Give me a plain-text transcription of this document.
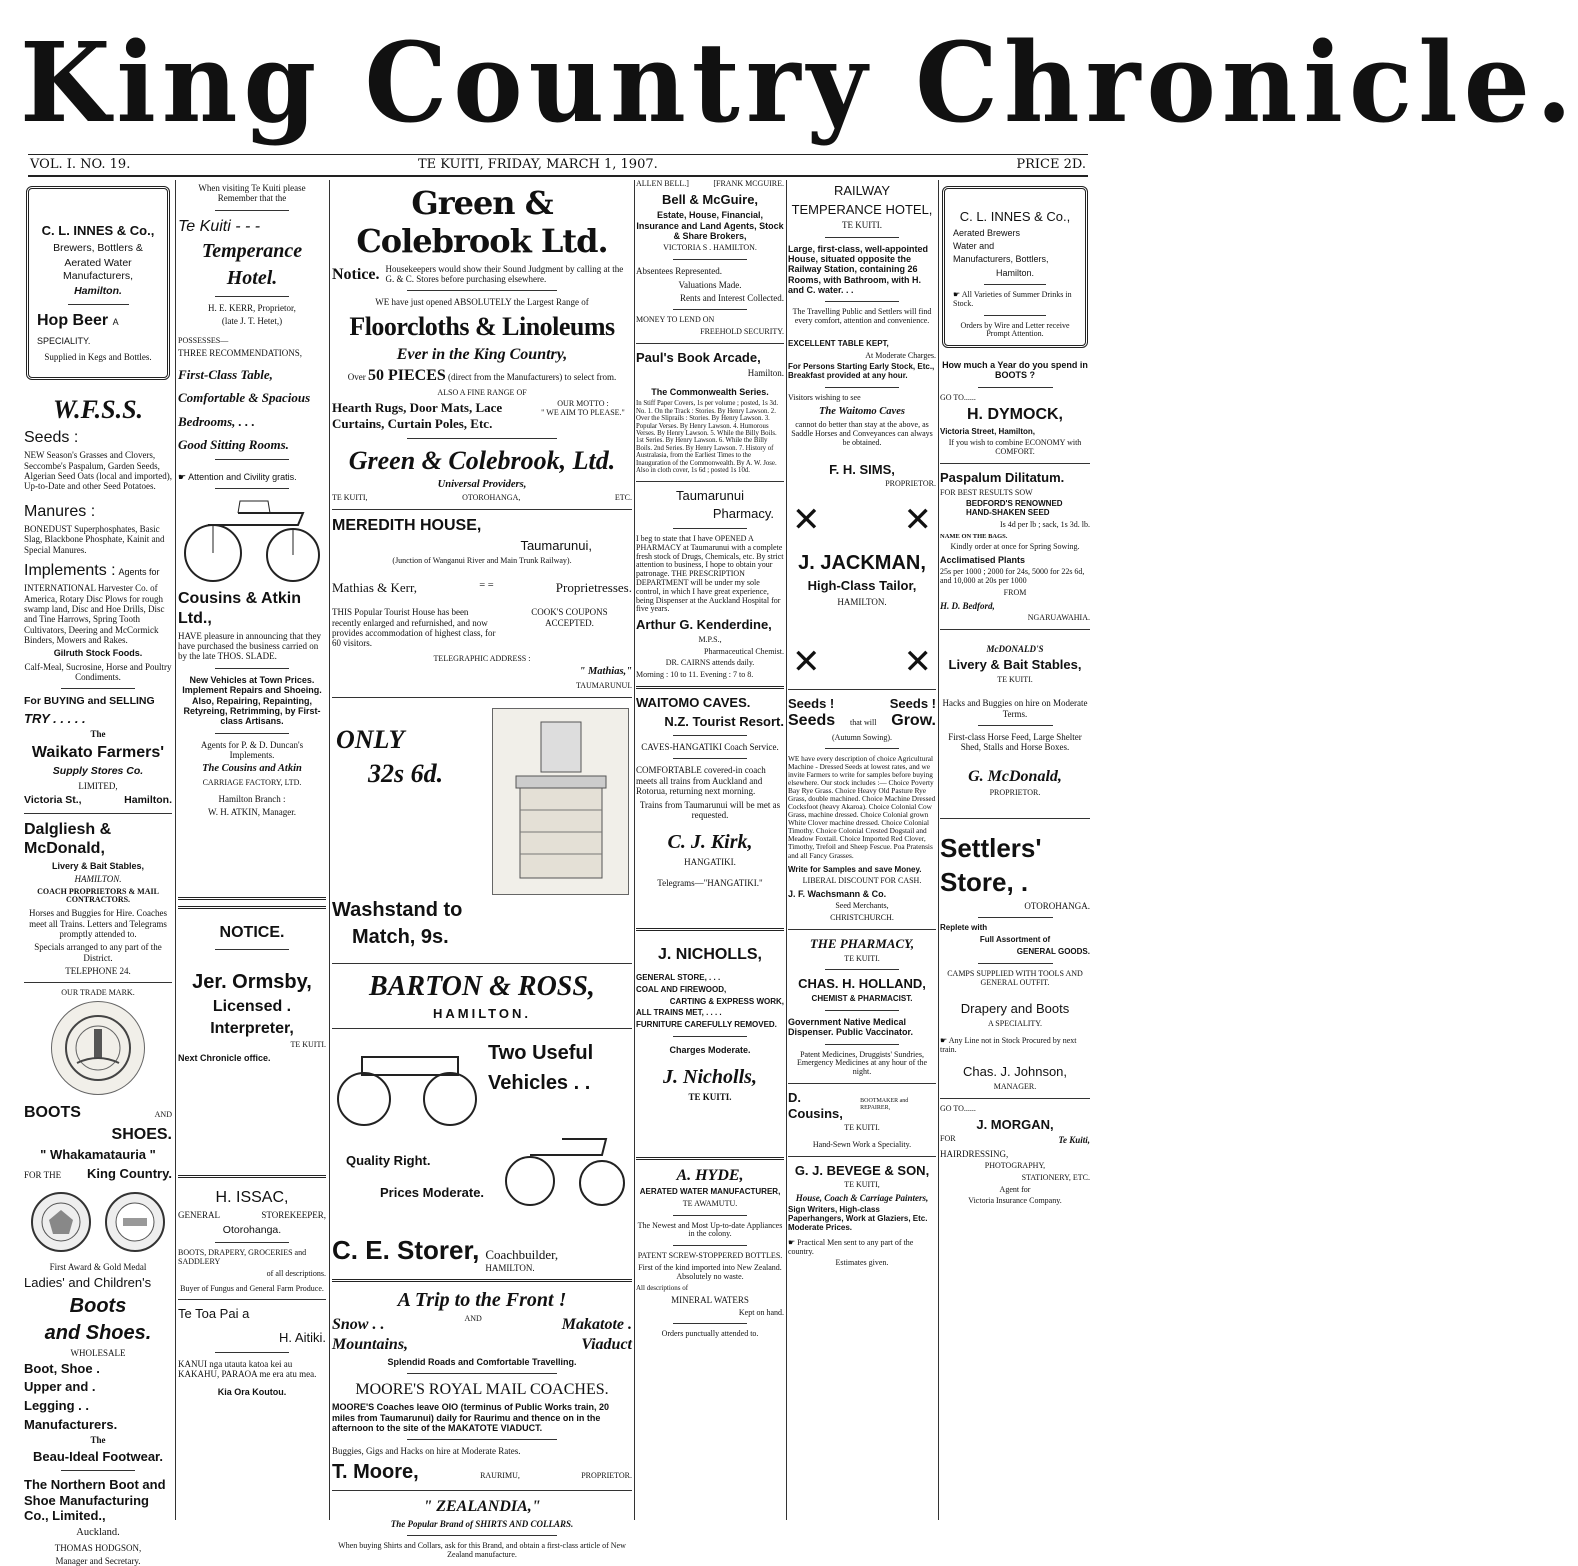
King Country Chronicle.
VOL. I. NO. 19.	TE KUITI, FRIDAY, MARCH 1, 1907.	PRICE 2D.

C. L. INNES & Co.,

Brewers, Bottlers &

Aerated Water Manufacturers,

Hamilton.

Hop Beer A SPECIALITY.

Supplied in Kegs and Bottles.

W.F.S.S.

Seeds :

NEW Season's Grasses and Clovers, Seccombe's Paspalum, Garden Seeds, Algerian Seed Oats (local and imported), Up-to-Date and other Seed Potatoes.

Manures :

BONEDUST Superphosphates, Basic Slag, Blackbone Phosphate, Kainit and Special Manures.

Implements : Agents for

INTERNATIONAL Harvester Co. of America, Rotary Disc Plows for rough swamp land, Disc and Hoe Drills, Disc and Tine Harrows, Spring Tooth Cultivators, Deering and McCormick Binders, Mowers and Rakes.

Gilruth Stock Foods.

Calf-Meal, Sucrosine, Horse and Poultry Condiments.

For BUYING and SELLING

TRY . . . . .

The

Waikato Farmers'

Supply Stores Co.

LIMITED,

Victoria St.,	Hamilton.

Dalgliesh & McDonald,

Livery & Bait Stables,

HAMILTON.

COACH PROPRIETORS & MAIL CONTRACTORS.

Horses and Buggies for Hire. Coaches meet all Trains. Letters and Telegrams promptly attended to.

Specials arranged to any part of the District.

TELEPHONE 24.

OUR TRADE MARK.

BOOTS	AND

SHOES.

" Whakamatauria "

FOR THE King Country.

First Award & Gold Medal

Ladies' and Children's

Boots

and Shoes.

WHOLESALE

Boot, Shoe .

Upper and .

Legging . .

Manufacturers.

The

Beau-Ideal Footwear.

The Northern Boot and Shoe Manufacturing Co., Limited.,

Auckland.

THOMAS HODGSON,

Manager and Secretary.

When visiting Te Kuiti please Remember that the

Te Kuiti - - -

Temperance

Hotel.

H. E. KERR, Proprietor,

(late J. T. Hetet,)

POSSESSES—

THREE RECOMMENDATIONS,

First-Class Table,

Comfortable & Spacious

Bedrooms, . . .

Good Sitting Rooms.

☛ Attention and Civility gratis.

Cousins & Atkin Ltd.,

HAVE pleasure in announcing that they have purchased the business carried on by the late THOS. SLADE.

New Vehicles at Town Prices. Implement Repairs and Shoeing. Also, Repairing, Repainting, Retyreing, Retrimming, by First-class Artisans.

Agents for P. & D. Duncan's Implements.

The Cousins and Atkin

CARRIAGE FACTORY, LTD.

Hamilton Branch :

W. H. ATKIN, Manager.

NOTICE.

Jer. Ormsby,

Licensed .

Interpreter,

TE KUITI.

Next Chronicle office.

H. ISSAC,

GENERAL	STOREKEEPER,

Otorohanga.

BOOTS, DRAPERY, GROCERIES and SADDLERY

of all descriptions.

Buyer of Fungus and General Farm Produce.

Te Toa Pai a

H. Aitiki.

KANUI nga utauta katoa kei au KAKAHU, PARAOA me era atu mea.

Kia Ora Koutou.

Green & Colebrook Ltd.

Notice. Housekeepers would show their Sound Judgment by calling at the G. & C. Stores before purchasing elsewhere.

WE have just opened ABSOLUTELY the Largest Range of

Floorcloths & Linoleums

Ever in the King Country,

Over 50 PIECES (direct from the Manufacturers) to select from.

ALSO A FINE RANGE OF

Hearth Rugs, Door Mats, Lace Curtains, Curtain Poles, Etc.
OUR MOTTO :
" WE AIM TO PLEASE."

Green & Colebrook, Ltd.

Universal Providers,

TE KUITI,	OTOROHANGA,	ETC.

MEREDITH HOUSE,

Taumarunui,

(Junction of Wanganui River and Main Trunk Railway).

Mathias & Kerr,	= =	Proprietresses.
THIS Popular Tourist House has been recently enlarged and refurnished, and now provides accommodation of highest class, for 60 visitors.
COOK'S COUPONS ACCEPTED.

TELEGRAPHIC ADDRESS :

" Mathias,"

TAUMARUNUI.

ONLY

32s 6d.

Washstand to

Match, 9s.

BARTON & ROSS,

HAMILTON.

Two Useful

Vehicles . .

Quality Right.

Prices Moderate.

C. E. Storer, Coachbuilder,
HAMILTON.

A Trip to the Front !

Snow . .	AND	Makatote .
Mountains,	Viaduct

Splendid Roads and Comfortable Travelling.

MOORE'S ROYAL MAIL COACHES.

MOORE'S Coaches leave OIO (terminus of Public Works train, 20 miles from Taumarunui) daily for Raurimu and thence on in the afternoon to the site of the MAKATOTE VIADUCT.

Buggies, Gigs and Hacks on hire at Moderate Rates.

T. Moore,	RAURIMU,	PROPRIETOR.

" ZEALANDIA,"

The Popular Brand of SHIRTS AND COLLARS.

When buying Shirts and Collars, ask for this Brand, and obtain a first-class article of New Zealand manufacture.

ALLEN BELL.]	[FRANK MCGUIRE.

Bell & McGuire,

Estate, House, Financial, Insurance and Land Agents, Stock & Share Brokers,

VICTORIA S . HAMILTON.

Absentees Represented.

Valuations Made.

Rents and Interest Collected.

MONEY TO LEND ON

FREEHOLD SECURITY.

Paul's Book Arcade,

Hamilton.

The Commonwealth Series.

In Stiff Paper Covers, 1s per volume ; posted, 1s 3d. No. 1. On the Track : Stories. By Henry Lawson. 2. Over the Sliprails : Stories. By Henry Lawson. 3. Popular Verses. By Henry Lawson. 4. Humorous Verses. By Henry Lawson. 5. While the Billy Boils. 1st Series. By Henry Lawson. 6. While the Billy Boils. 2nd Series. By Henry Lawson. 7. History of Australasia, from the Earliest Times to the Inauguration of the Commonwealth. By A. W. Jose. Also in cloth cover, 1s 6d ; posted 1s 10d.

Taumarunui

Pharmacy.

I beg to state that I have OPENED A PHARMACY at Taumarunui with a complete fresh stock of Drugs, Chemicals, etc. By strict attention to business, I hope to obtain your patronage. THE PRESCRIPTION DEPARTMENT will be under my sole control, in which I have great experience, being Dispenser at the Auckland Hospital for five years.

Arthur G. Kenderdine,

M.P.S.,

Pharmaceutical Chemist.

DR. CAIRNS attends daily.

Morning : 10 to 11. Evening : 7 to 8.

WAITOMO CAVES.

N.Z. Tourist Resort.

CAVES-HANGATIKI Coach Service.

COMFORTABLE covered-in coach meets all trains from Auckland and Rotorua, returning next morning.

Trains from Taumarunui will be met as requested.

C. J. Kirk,

HANGATIKI.

Telegrams—"HANGATIKI."

J. NICHOLLS,

GENERAL STORE, . . .

COAL AND FIREWOOD,

CARTING & EXPRESS WORK,

ALL TRAINS MET, . . . .

FURNITURE CAREFULLY REMOVED.

Charges Moderate.

J. Nicholls,

TE KUITI.

A. HYDE,

AERATED WATER MANUFACTURER,

TE AWAMUTU.

The Newest and Most Up-to-date Appliances in the colony.

PATENT SCREW-STOPPERED BOTTLES.

First of the kind imported into New Zealand. Absolutely no waste.

All descriptions of

MINERAL WATERS

Kept on hand.

Orders punctually attended to.

RAILWAY

TEMPERANCE HOTEL,

TE KUITI.

Large, first-class, well-appointed House, situated opposite the Railway Station, containing 26 Rooms, with Bathroom, with H. and C. water. . .

The Travelling Public and Settlers will find every comfort, attention and convenience.

EXCELLENT TABLE KEPT,

At Moderate Charges.

For Persons Starting Early Stock, Etc., Breakfast provided at any hour.

Visitors wishing to see

The Waitomo Caves

cannot do better than stay at the above, as Saddle Horses and Conveyances can always be obtained.

F. H. SIMS,

PROPRIETOR.

✕ ✕

J. JACKMAN,

High-Class Tailor,

HAMILTON.

✕ ✕
Seeds !	Seeds !
Seeds that will Grow.

(Autumn Sowing).

WE have every description of choice Agricultural Machine - Dressed Seeds at lowest rates, and we invite Farmers to write for samples before buying elsewhere. Our stock includes :— Choice Poverty Bay Rye Grass. Choice Heavy Old Pasture Rye Grass, double machined. Choice Machine Dressed Cocksfoot (heavy Akaroa). Choice Colonial Cow Grass, machine dressed. Choice Colonial grown White Clover machine dressed. Choice Colonial Timothy. Choice Colonial Crested Dogstail and Meadow Foxtail. Choice Imported Red Clover, Timothy, Trefoil and Sheep Fescue. Poa Pratensis and all Fancy Grasses.

Write for Samples and save Money.

LIBERAL DISCOUNT FOR CASH.

J. F. Wachsmann & Co.

Seed Merchants,

CHRISTCHURCH.

THE PHARMACY,

TE KUITI.

CHAS. H. HOLLAND,

CHEMIST & PHARMACIST.

Government Native Medical Dispenser. Public Vaccinator.

Patent Medicines, Druggists' Sundries, Emergency Medicines at any hour of the night.

D. Cousins,
BOOTMAKER and REPAIRER,

TE KUITI.

Hand-Sewn Work a Speciality.

G. J. BEVEGE & SON,

TE KUITI,

House, Coach & Carriage Painters,

Sign Writers, High-class Paperhangers, Work at Glaziers, Etc. Moderate Prices.

☛ Practical Men sent to any part of the country.

Estimates given.

C. L. INNES & Co.,

Aerated Brewers

Water and

Manufacturers, Bottlers,

Hamilton.

☛ All Varieties of Summer Drinks in Stock.

Orders by Wire and Letter receive Prompt Attention.

How much a Year do you spend in BOOTS ?

GO TO......

H. DYMOCK,

Victoria Street, Hamilton,

If you wish to combine ECONOMY with COMFORT.

Paspalum Dilitatum.

FOR BEST RESULTS SOW

BEDFORD'S RENOWNED HAND-SHAKEN SEED

Is 4d per lb ; sack, 1s 3d. lb.

NAME ON THE BAGS.

Kindly order at once for Spring Sowing.

Acclimatised Plants

25s per 1000 ; 2000 for 24s, 5000 for 22s 6d, and 10,000 at 20s per 1000

FROM

H. D. Bedford,

NGARUAWAHIA.

McDONALD'S

Livery & Bait Stables,

TE KUITI.

Hacks and Buggies on hire on Moderate Terms.

First-class Horse Feed, Large Shelter Shed, Stalls and Horse Boxes.

G. McDonald,

PROPRIETOR.

Settlers'

Store, .

OTOROHANGA.

Replete with

Full Assortment of

GENERAL GOODS.

CAMPS SUPPLIED WITH TOOLS AND GENERAL OUTFIT.

Drapery and Boots

A SPECIALITY.

☛ Any Line not in Stock Procured by next train.

Chas. J. Johnson,

MANAGER.

GO TO......

J. MORGAN,

FOR	Te Kuiti,

HAIRDRESSING,

PHOTOGRAPHY,

STATIONERY, ETC.

Agent for

Victoria Insurance Company.
